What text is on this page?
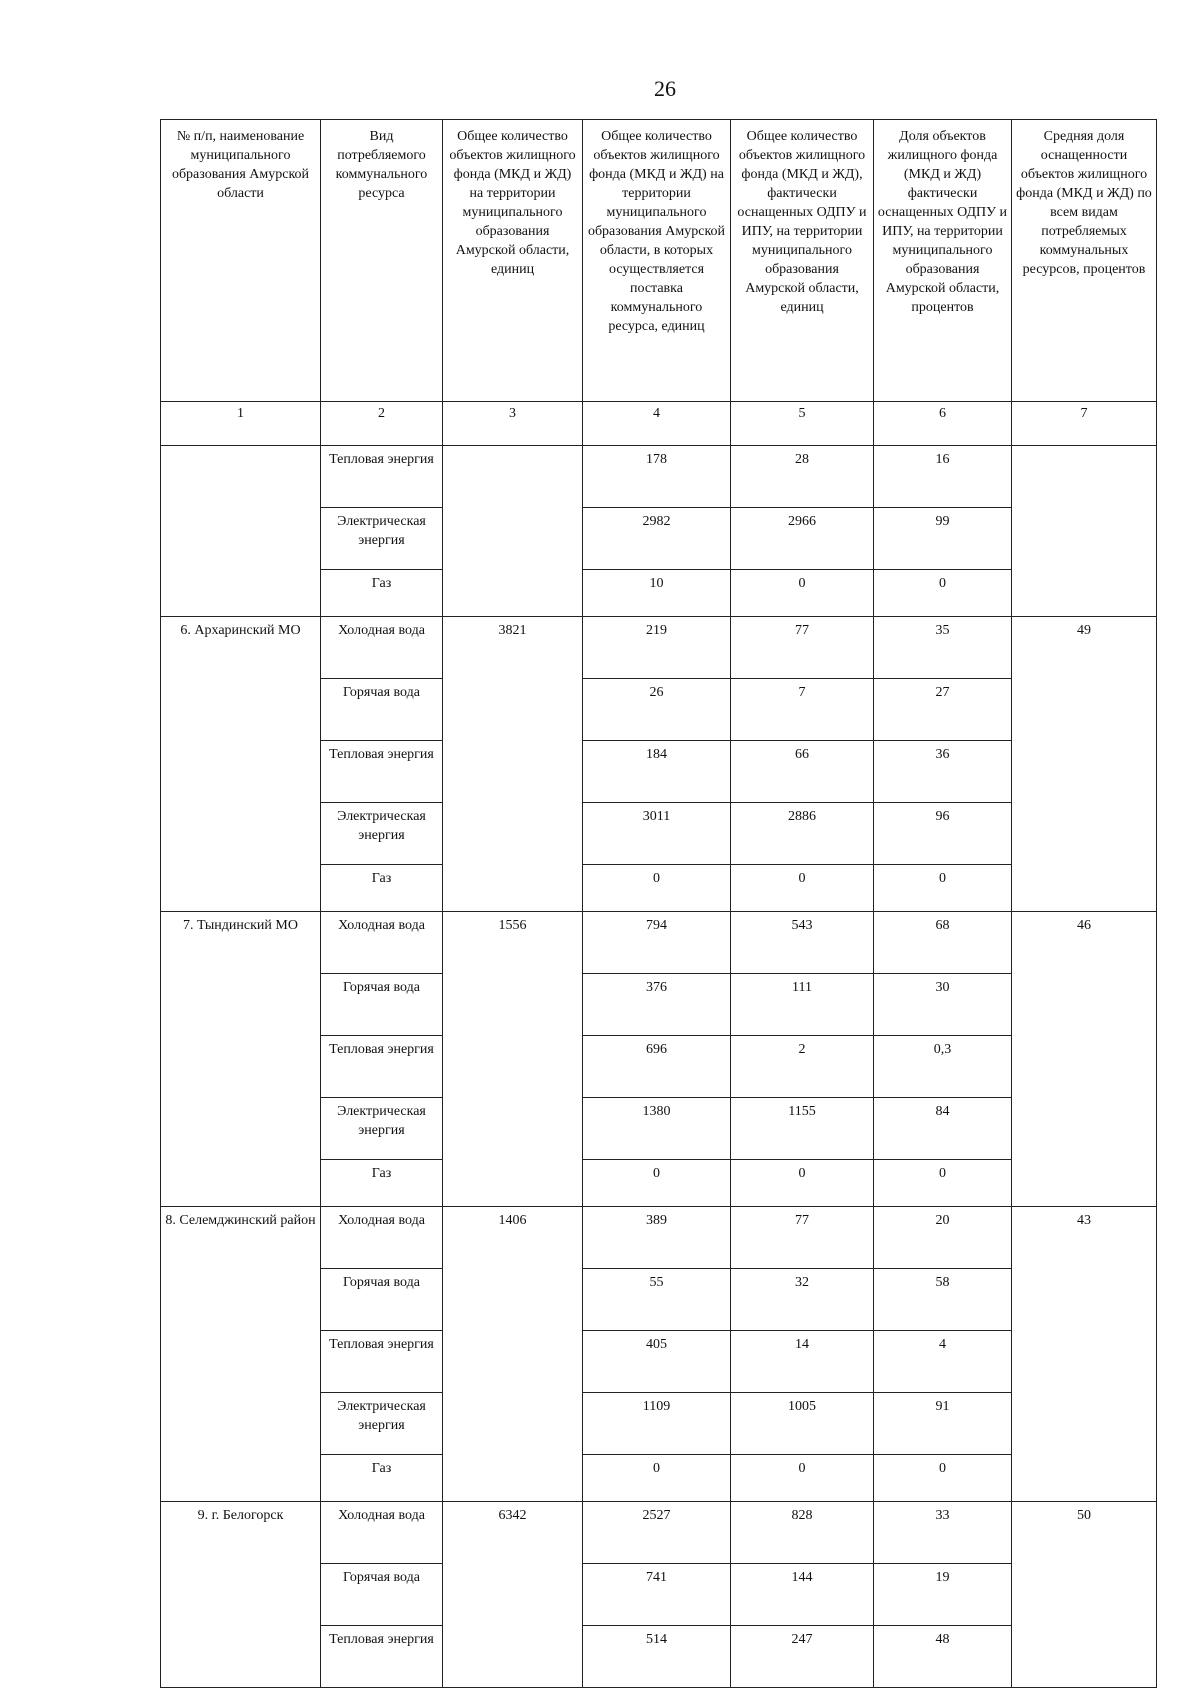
26
№ п/п, наименование муниципального образования Амурской области	Вид потребляемого коммунального ресурса	Общее количество объектов жилищного фонда (МКД и ЖД) на территории муниципального образования Амурской области, единиц	Общее количество объектов жилищного фонда (МКД и ЖД) на территории муниципального образования Амурской области, в которых осуществляется поставка коммунального ресурса, единиц	Общее количество объектов жилищного фонда (МКД и ЖД), фактически оснащенных ОДПУ и ИПУ, на территории муниципального образования Амурской области, единиц	Доля объектов жилищного фонда (МКД и ЖД) фактически оснащенных ОДПУ и ИПУ, на территории муниципального образования Амурской области, процентов	Средняя доля оснащенности объектов жилищного фонда (МКД и ЖД) по всем видам потребляемых коммунальных ресурсов, процентов
1	2	3	4	5	6	7
	Тепловая энергия		178	28	16	
	Электрическая энергия		2982	2966	99	
	Газ		10	0	0	
6. Архаринский МО	Холодная вода	3821	219	77	35	49
	Горячая вода		26	7	27	
	Тепловая энергия		184	66	36	
	Электрическая энергия		3011	2886	96	
	Газ		0	0	0	
7. Тындинский МО	Холодная вода	1556	794	543	68	46
	Горячая вода		376	111	30	
	Тепловая энергия		696	2	0,3	
	Электрическая энергия		1380	1155	84	
	Газ		0	0	0	
8. Селемджинский район	Холодная вода	1406	389	77	20	43
	Горячая вода		55	32	58	
	Тепловая энергия		405	14	4	
	Электрическая энергия		1109	1005	91	
	Газ		0	0	0	
9. г. Белогорск	Холодная вода	6342	2527	828	33	50
	Горячая вода		741	144	19	
	Тепловая энергия		514	247	48	
